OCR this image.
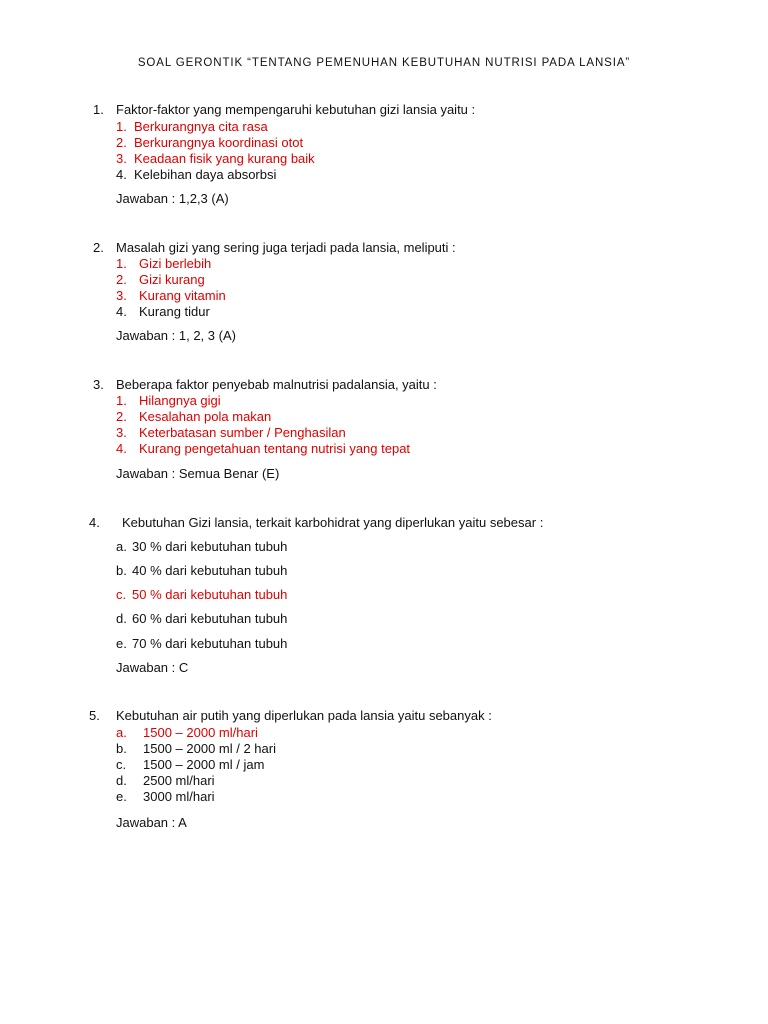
SOAL GERONTIK “TENTANG PEMENUHAN KEBUTUHAN NUTRISI PADA LANSIA”
1. Faktor-faktor yang mempengaruhi kebutuhan gizi lansia yaitu :
1. Berkurangnya cita rasa
2. Berkurangnya koordinasi otot
3. Keadaan fisik yang kurang baik
4. Kelebihan daya absorbsi
Jawaban : 1,2,3 (A)
2. Masalah gizi yang sering juga terjadi pada lansia, meliputi :
1. Gizi berlebih
2. Gizi kurang
3. Kurang vitamin
4. Kurang tidur
Jawaban : 1, 2, 3 (A)
3. Beberapa faktor penyebab malnutrisi padalansia, yaitu :
1. Hilangnya gigi
2. Kesalahan pola makan
3. Keterbatasan sumber / Penghasilan
4. Kurang pengetahuan tentang nutrisi yang tepat
Jawaban : Semua Benar (E)
4. Kebutuhan Gizi lansia, terkait karbohidrat yang diperlukan yaitu sebesar :
a. 30 % dari kebutuhan tubuh
b. 40 % dari kebutuhan tubuh
c. 50 % dari kebutuhan tubuh
d. 60 % dari kebutuhan tubuh
e. 70 % dari kebutuhan tubuh
Jawaban : C
5. Kebutuhan air putih yang diperlukan pada lansia yaitu sebanyak :
a. 1500 – 2000 ml/hari
b. 1500 – 2000 ml / 2 hari
c. 1500 – 2000 ml / jam
d. 2500 ml/hari
e. 3000 ml/hari
Jawaban : A
